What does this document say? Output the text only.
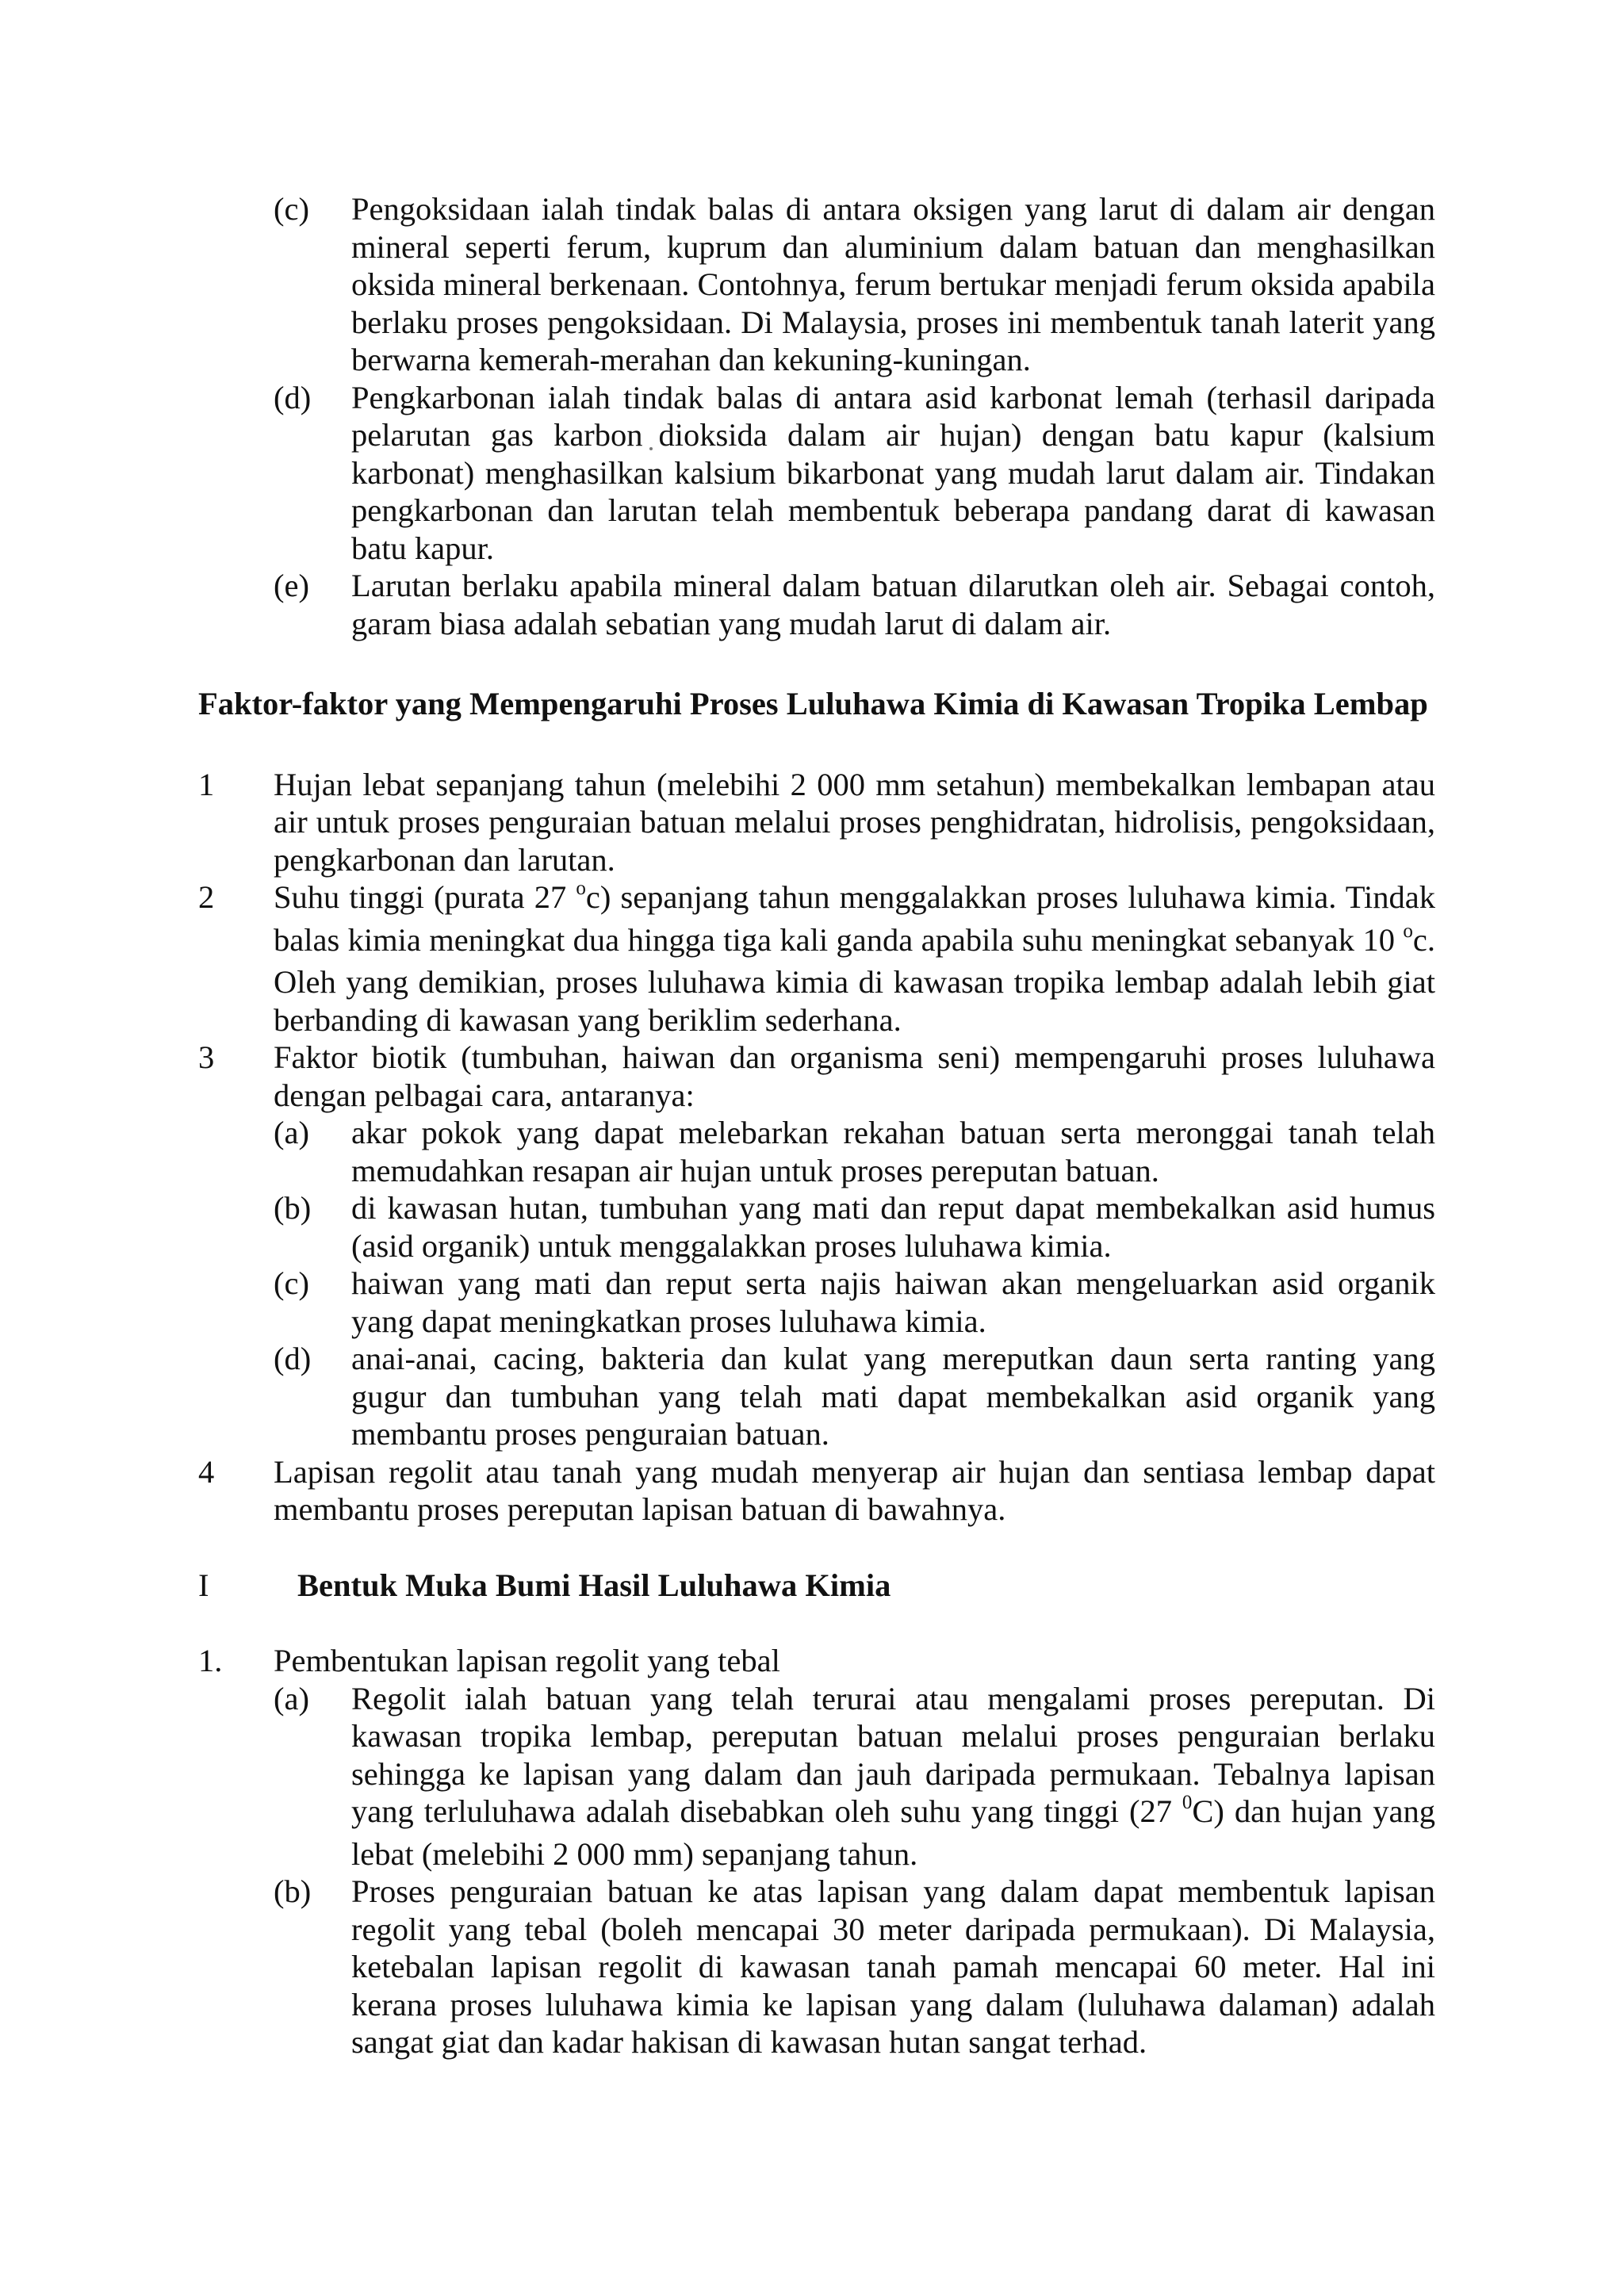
(c)	Pengoksidaan ialah tindak balas di antara oksigen yang larut di dalam air dengan mineral seperti ferum, kuprum dan aluminium dalam batuan dan menghasilkan oksida mineral berkenaan. Contohnya, ferum bertukar menjadi ferum oksida apabila berlaku proses pengoksidaan. Di Malaysia, proses ini membentuk tanah laterit yang berwarna kemerah-merahan dan kekuning-kuningan.
(d)	Pengkarbonan ialah tindak balas di antara asid karbonat lemah (terhasil daripada pelarutan gas karbon dioksida dalam air hujan) dengan batu kapur (kalsium karbonat) menghasilkan kalsium bikarbonat yang mudah larut dalam air. Tindakan pengkarbonan dan larutan telah membentuk beberapa pandang darat di kawasan batu kapur.
(e)	Larutan berlaku apabila mineral dalam batuan dilarutkan oleh air. Sebagai contoh, garam biasa adalah sebatian yang mudah larut di dalam air.

Faktor-faktor yang Mempengaruhi Proses Luluhawa Kimia di Kawasan Tropika Lembap

1	Hujan lebat sepanjang tahun (melebihi 2 000 mm setahun) membekalkan lembapan atau air untuk proses penguraian batuan melalui proses penghidratan, hidrolisis, pengoksidaan, pengkarbonan dan larutan.
2	Suhu tinggi (purata 27 $^o$c) sepanjang tahun menggalakkan proses luluhawa kimia. Tindak balas kimia meningkat dua hingga tiga kali ganda apabila suhu meningkat sebanyak 10 $^o$c. Oleh yang demikian, proses luluhawa kimia di kawasan tropika lembap adalah lebih giat berbanding di kawasan yang beriklim sederhana.
3	Faktor biotik (tumbuhan, haiwan dan organisma seni) mempengaruhi proses luluhawa dengan pelbagai cara, antaranya:
(a)	akar pokok yang dapat melebarkan rekahan batuan serta meronggai tanah telah memudahkan resapan air hujan untuk proses pereputan batuan.
(b)	di kawasan hutan, tumbuhan yang mati dan reput dapat membekalkan asid humus (asid organik) untuk menggalakkan proses luluhawa kimia.
(c)	haiwan yang mati dan reput serta najis haiwan akan mengeluarkan asid organik yang dapat meningkatkan proses luluhawa kimia.
(d)	anai-anai, cacing, bakteria dan kulat yang mereputkan daun serta ranting yang gugur dan tumbuhan yang telah mati dapat membekalkan asid organik yang membantu proses penguraian batuan.
4	Lapisan regolit atau tanah yang mudah menyerap air hujan dan sentiasa lembap dapat membantu proses pereputan lapisan batuan di bawahnya.
I	Bentuk Muka Bumi Hasil Luluhawa Kimia
1.	Pembentukan lapisan regolit yang tebal
(a)	Regolit ialah batuan yang telah terurai atau mengalami proses pereputan. Di kawasan tropika lembap, pereputan batuan melalui proses penguraian berlaku sehingga ke lapisan yang dalam dan jauh daripada permukaan. Tebalnya lapisan yang terluluhawa adalah disebabkan oleh suhu yang tinggi (27 $^0$C) dan hujan yang lebat (melebihi 2 000 mm) sepanjang tahun.
(b)	Proses penguraian batuan ke atas lapisan yang dalam dapat membentuk lapisan regolit yang tebal (boleh mencapai 30 meter daripada permukaan). Di Malaysia, ketebalan lapisan regolit di kawasan tanah pamah mencapai 60 meter. Hal ini kerana proses luluhawa kimia ke lapisan yang dalam (luluhawa dalaman) adalah sangat giat dan kadar hakisan di kawasan hutan sangat terhad.
